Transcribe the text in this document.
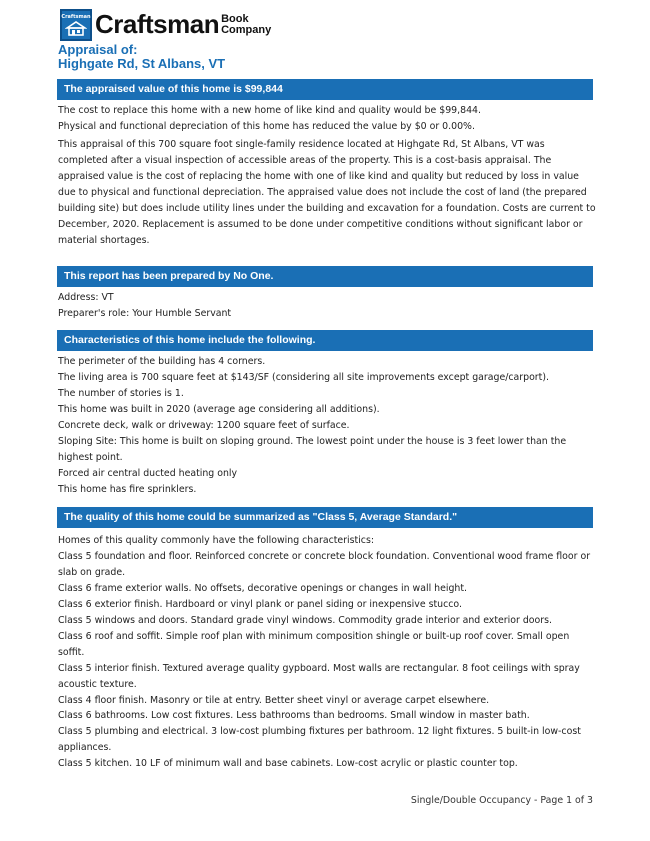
Craftsman Craftsman Book
Company
Appraisal of:
Highgate Rd, St Albans, VT
The appraised value of this home is $99,844

The cost to replace this home with a new home of like kind and quality would be $99,844.

Physical and functional depreciation of this home has reduced the value by $0 or 0.00%.

This appraisal of this 700 square foot single-family residence located at Highgate Rd, St Albans, VT was completed after a visual inspection of accessible areas of the property. This is a cost-basis appraisal. The appraised value is the cost of replacing the home with one of like kind and quality but reduced by loss in value due to physical and functional depreciation. The appraised value does not include the cost of land (the prepared building site) but does include utility lines under the building and excavation for a foundation. Costs are current to December, 2020. Replacement is assumed to be done under competitive conditions without significant labor or material shortages.

This report has been prepared by No One.

Address: VT

Preparer's role: Your Humble Servant

Characteristics of this home include the following.

The perimeter of the building has 4 corners.

The living area is 700 square feet at $143/SF (considering all site improvements except garage/carport).

The number of stories is 1.

This home was built in 2020 (average age considering all additions).

Concrete deck, walk or driveway: 1200 square feet of surface.

Sloping Site: This home is built on sloping ground. The lowest point under the house is 3 feet lower than the highest point.

Forced air central ducted heating only

This home has fire sprinklers.

The quality of this home could be summarized as "Class 5, Average Standard."

Homes of this quality commonly have the following characteristics:

Class 5 foundation and floor. Reinforced concrete or concrete block foundation. Conventional wood frame floor or slab on grade.

Class 6 frame exterior walls. No offsets, decorative openings or changes in wall height.

Class 6 exterior finish. Hardboard or vinyl plank or panel siding or inexpensive stucco.

Class 5 windows and doors. Standard grade vinyl windows. Commodity grade interior and exterior doors.

Class 6 roof and soffit. Simple roof plan with minimum composition shingle or built-up roof cover. Small open soffit.

Class 5 interior finish. Textured average quality gypboard. Most walls are rectangular. 8 foot ceilings with spray acoustic texture.

Class 4 floor finish. Masonry or tile at entry. Better sheet vinyl or average carpet elsewhere.

Class 6 bathrooms. Low cost fixtures. Less bathrooms than bedrooms. Small window in master bath.

Class 5 plumbing and electrical. 3 low-cost plumbing fixtures per bathroom. 12 light fixtures. 5 built-in low-cost appliances.

Class 5 kitchen. 10 LF of minimum wall and base cabinets. Low-cost acrylic or plastic counter top.

Single/Double Occupancy - Page 1 of 3
